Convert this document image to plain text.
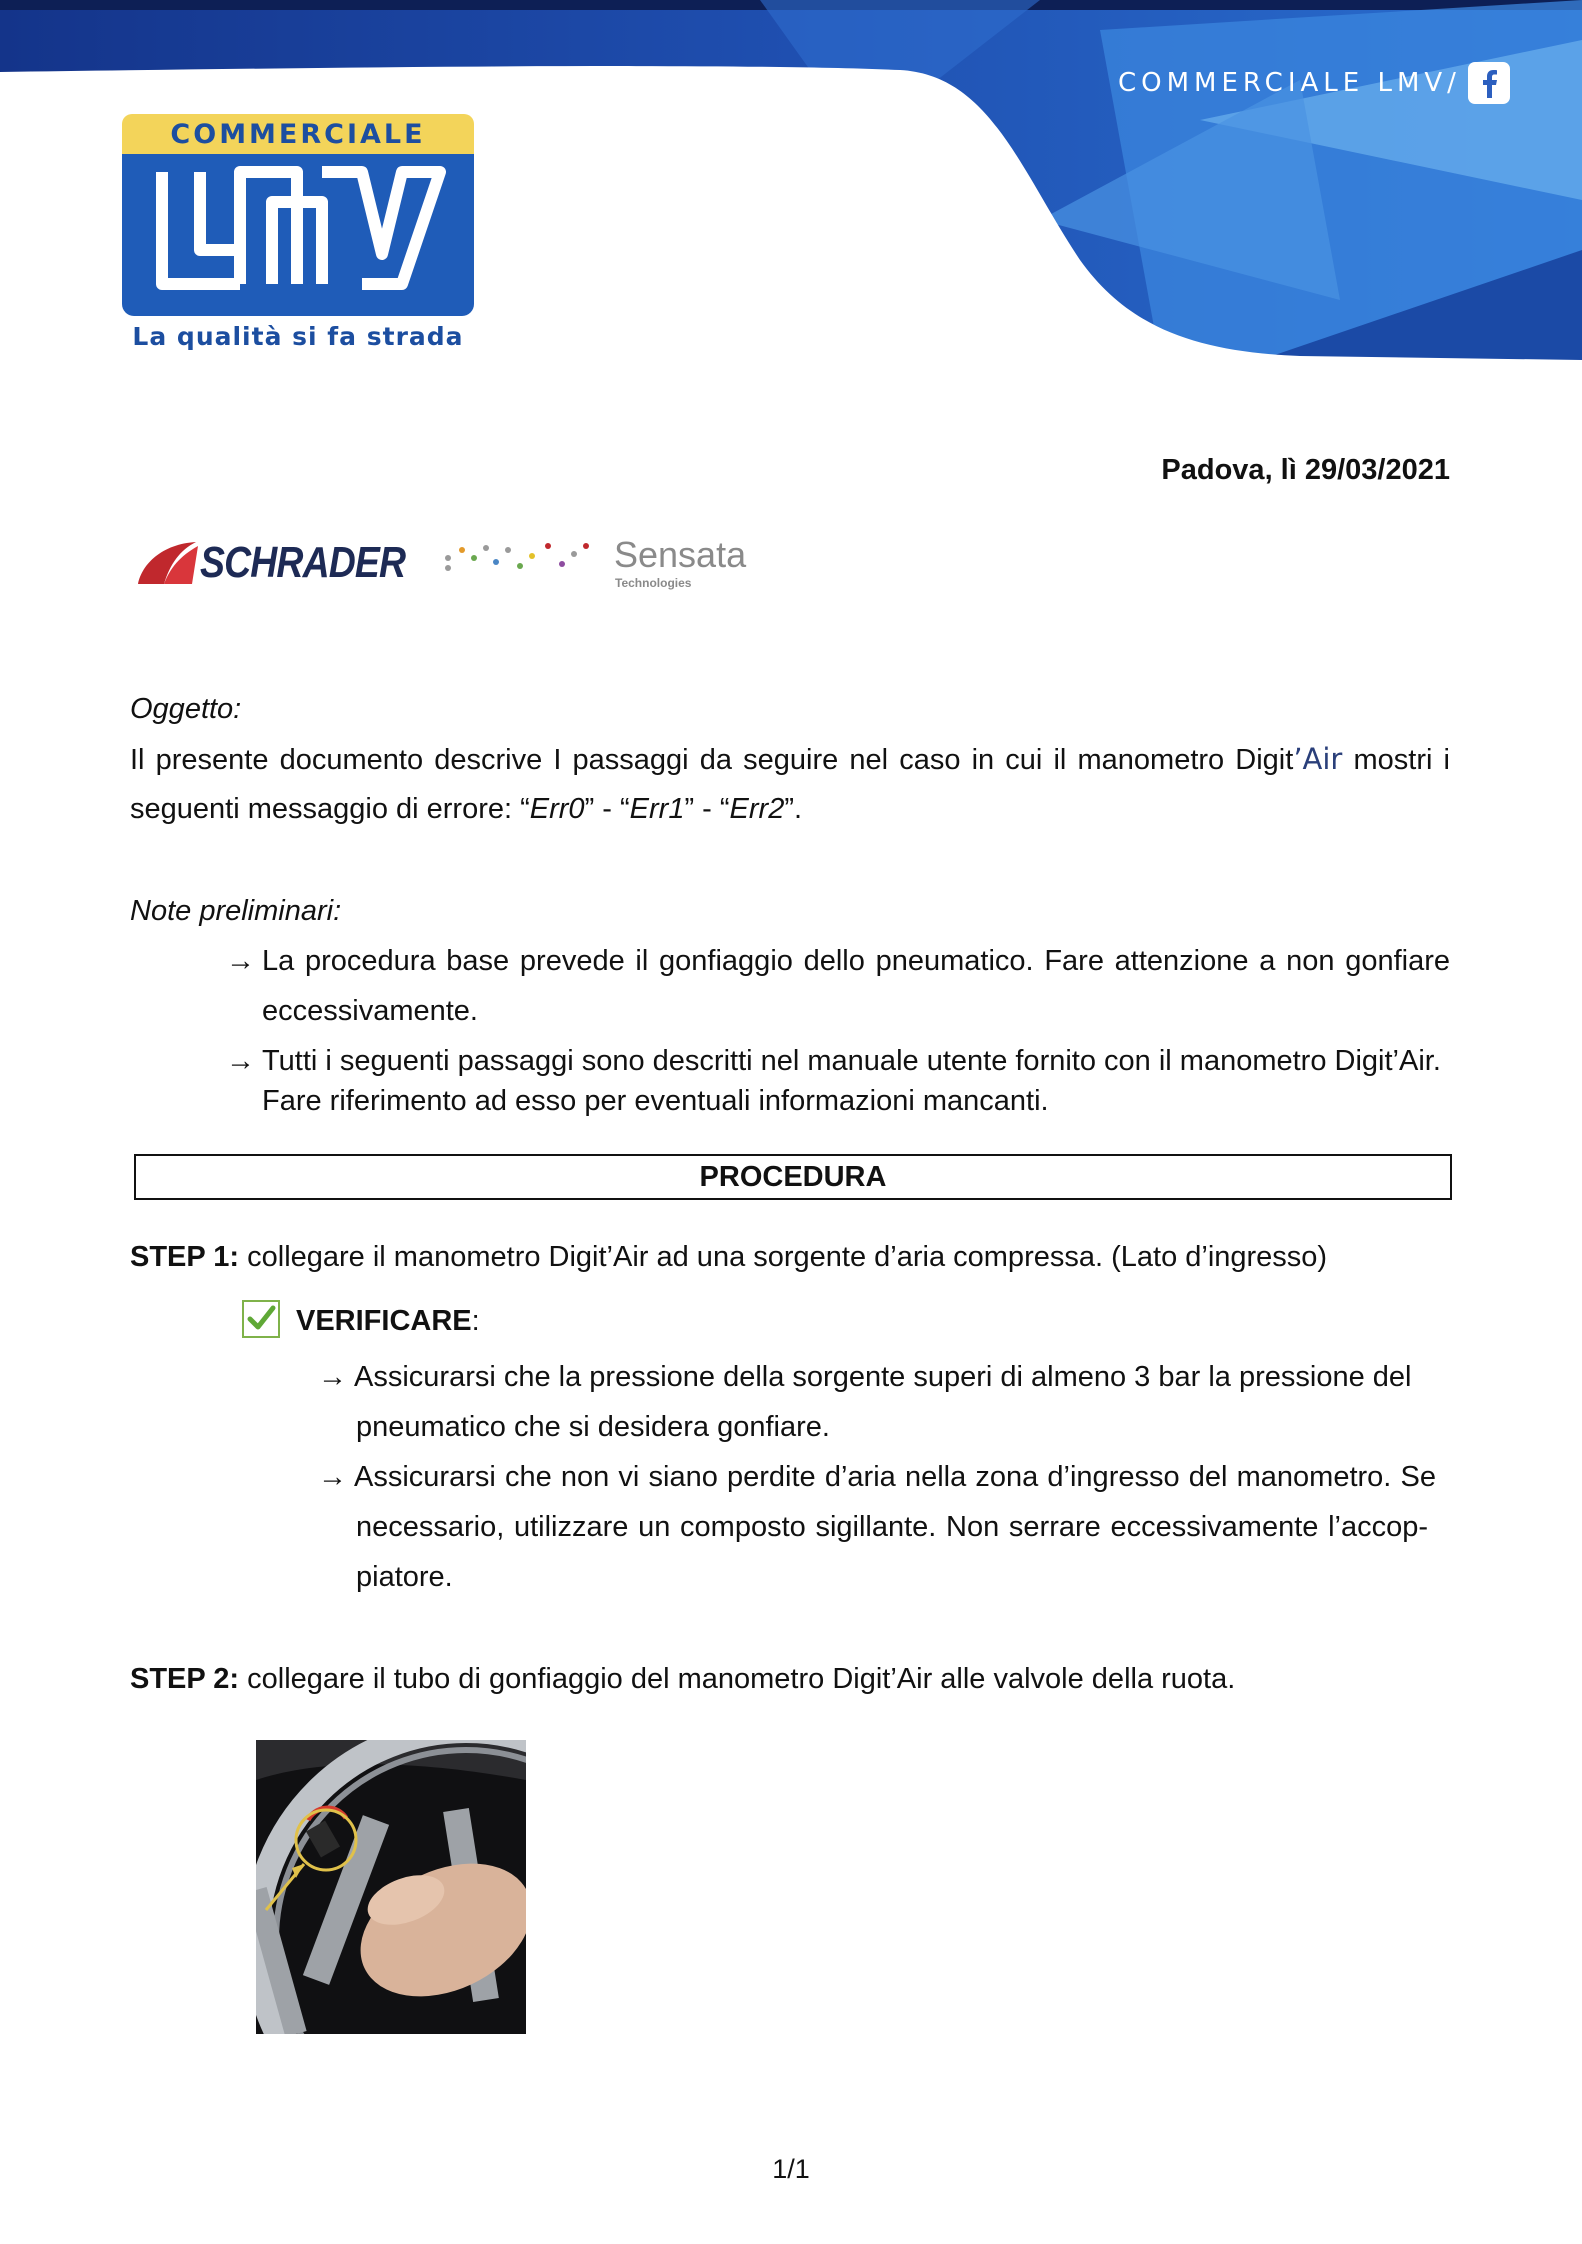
COMMERCIALE LMV/
COMMERCIALE
La qualità si fa strada
Padova, lì 29/03/2021
SCHRADER	Sensata
Technologies
Oggetto:
Il presente documento descrive I passaggi da seguire nel caso in cui il manometro Digit’Air mostri i
seguenti messaggio di errore: “Err0” - “Err1” - “Err2”.
Note preliminari:
→ La procedura base prevede il gonfiaggio dello pneumatico. Fare attenzione a non gonfiare
eccessivamente.
→ Tutti i seguenti passaggi sono descritti nel manuale utente fornito con il manometro Digit’Air.
Fare riferimento ad esso per eventuali informazioni mancanti.
PROCEDURA
STEP 1: collegare il manometro Digit’Air ad una sorgente d’aria compressa. (Lato d’ingresso)
VERIFICARE:
→ Assicurarsi che la pressione della sorgente superi di almeno 3 bar la pressione del
pneumatico che si desidera gonfiare.
→ Assicurarsi che non vi siano perdite d’aria nella zona d’ingresso del manometro. Se
necessario, utilizzare un composto sigillante. Non serrare eccessivamente l’accop-
piatore.
STEP 2: collegare il tubo di gonfiaggio del manometro Digit’Air alle valvole della ruota.
1/1
